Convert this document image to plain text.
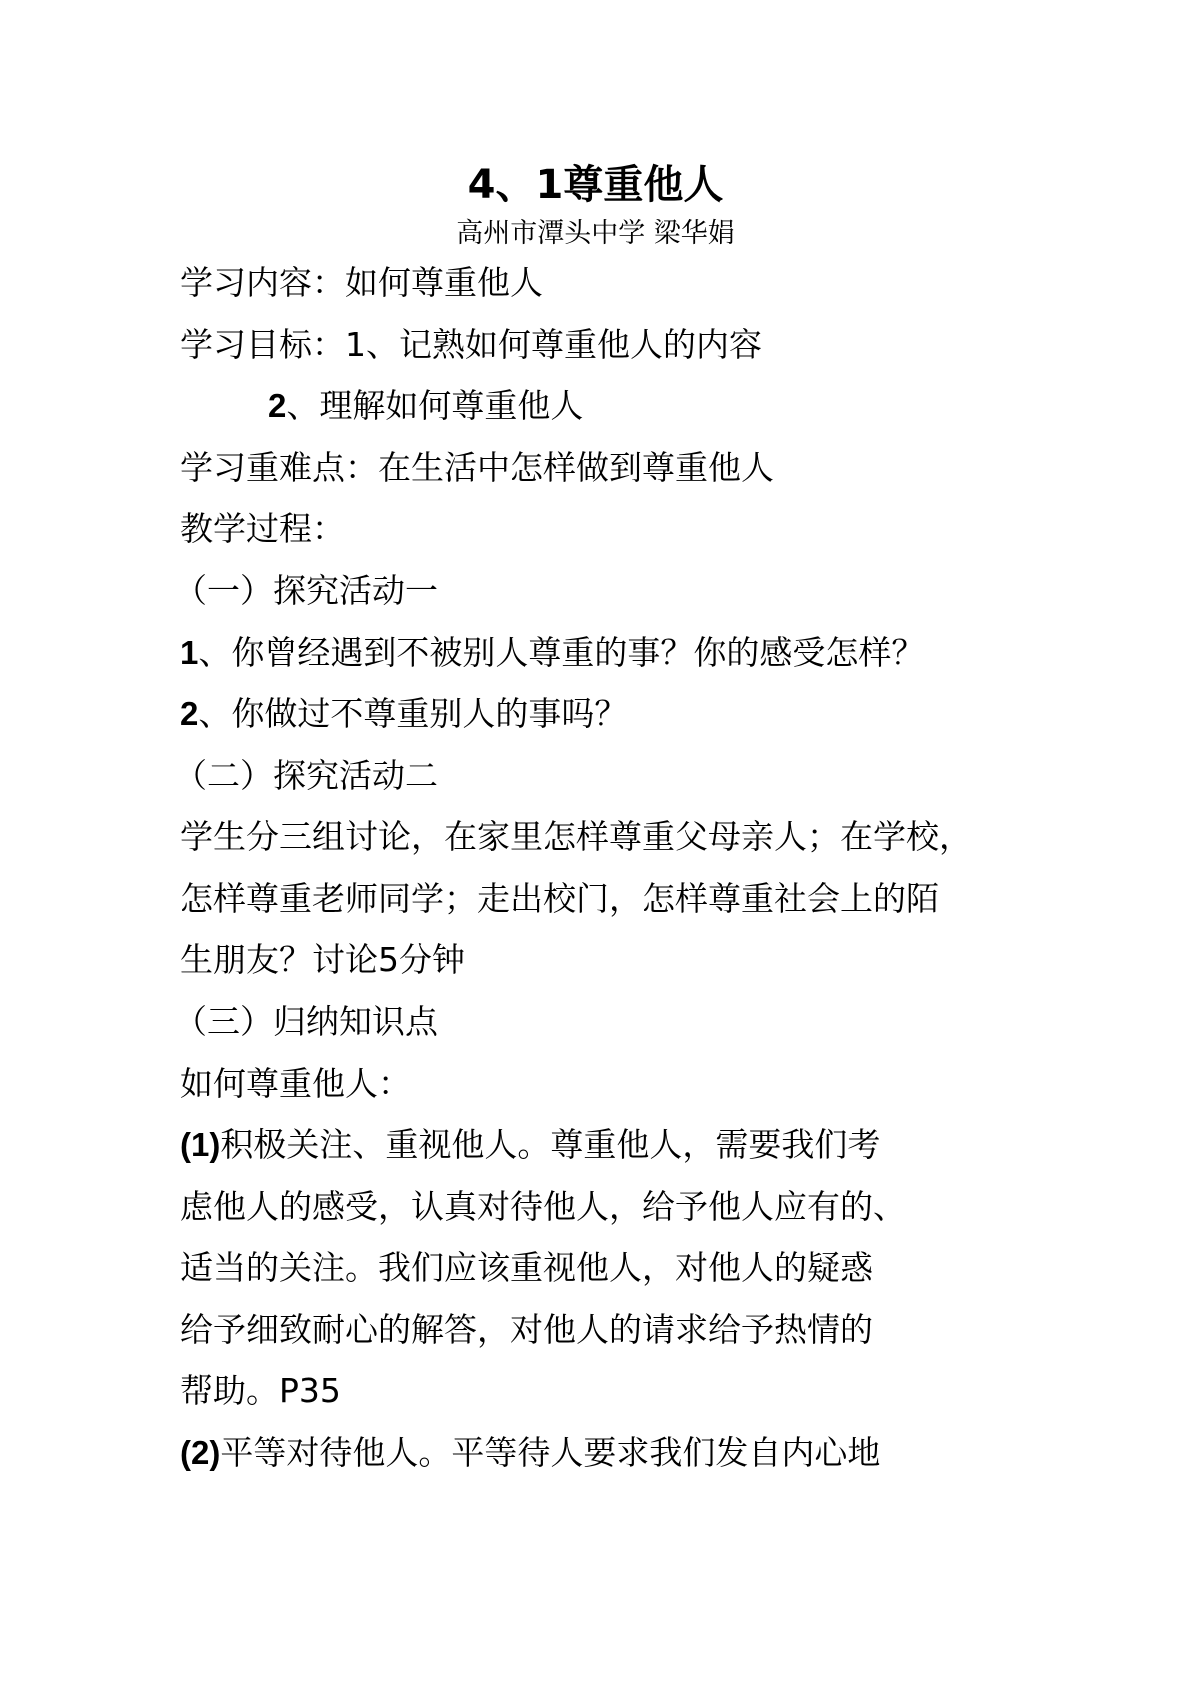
4、1尊重他人
高州市潭头中学 梁华娟
学习内容：如何尊重他人
学习目标：1、记熟如何尊重他人的内容
2、理解如何尊重他人
学习重难点：在生活中怎样做到尊重他人
教学过程：
（一）探究活动一
1、你曾经遇到不被别人尊重的事？你的感受怎样？
2、你做过不尊重别人的事吗？
（二）探究活动二
学生分三组讨论，在家里怎样尊重父母亲人；在学校，
怎样尊重老师同学；走出校门，怎样尊重社会上的陌
生朋友？讨论5分钟
（三）归纳知识点
如何尊重他人：
(1)积极关注、重视他人。尊重他人，需要我们考
虑他人的感受，认真对待他人，给予他人应有的、
适当的关注。我们应该重视他人，对他人的疑惑
给予细致耐心的解答，对他人的请求给予热情的
帮助。P35
(2)平等对待他人。平等待人要求我们发自内心地
